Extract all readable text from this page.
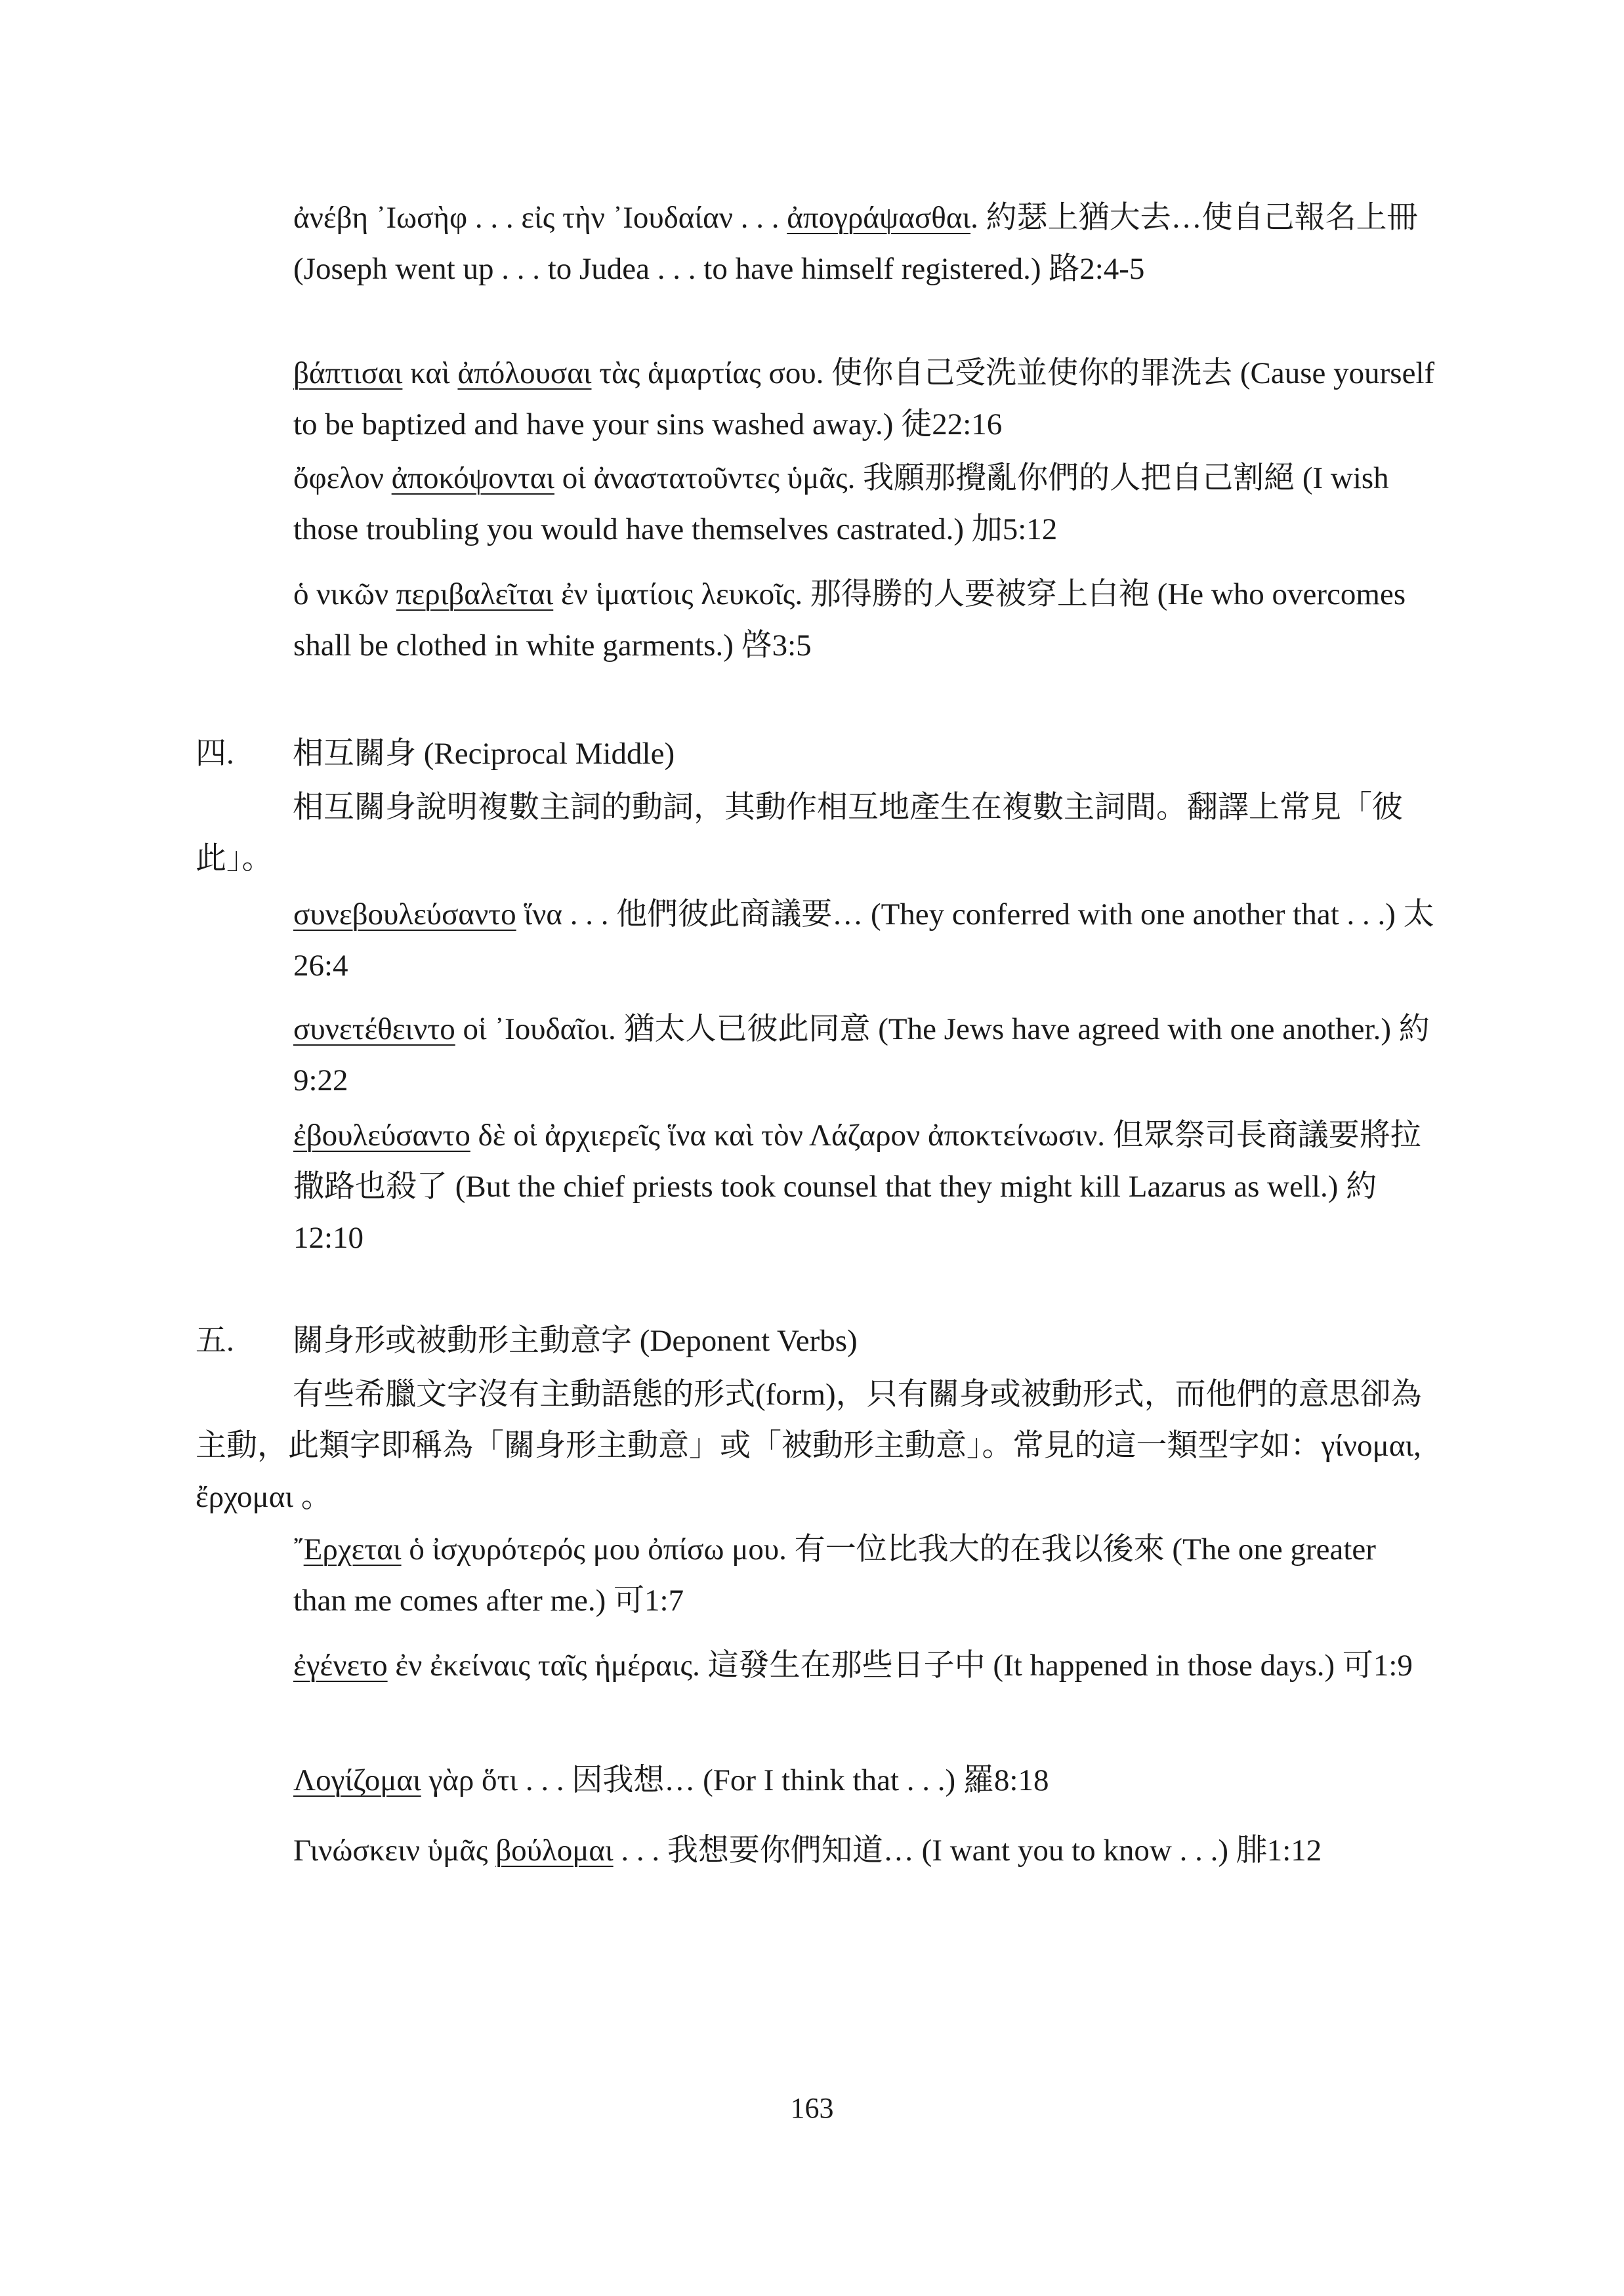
ἀνέβη ᾿Ιωσὴφ . . . εἰς τὴν ᾿Ιουδαίαν . . . ἀπογράψασθαι. 約瑟上猶大去…使自己報名上冊 (Joseph went up . . . to Judea . . . to have himself registered.) 路2:4-5

βάπτισαι καὶ ἀπόλουσαι τὰς ἁμαρτίας σου. 使你自己受洗並使你的罪洗去 (Cause yourself to be baptized and have your sins washed away.) 徒22:16

ὄφελον ἀποκόψονται οἱ ἀναστατοῦντες ὑμᾶς. 我願那攪亂你們的人把自己割絕 (I wish those troubling you would have themselves castrated.) 加5:12

ὁ νικῶν περιβαλεῖται ἐν ἱματίοις λευκοῖς. 那得勝的人要被穿上白袍 (He who overcomes shall be clothed in white garments.) 啓3:5

四. 相互關身 (Reciprocal Middle)

相互關身說明複數主詞的動詞，其動作相互地產生在複數主詞間。翻譯上常見「彼此」。

συνεβουλεύσαντο ἵνα . . . 他們彼此商議要… (They conferred with one another that . . .) 太26:4

συνετέθειντο οἱ ᾿Ιουδαῖοι. 猶太人已彼此同意 (The Jews have agreed with one another.) 約9:22

ἐβουλεύσαντο δὲ οἱ ἀρχιερεῖς ἵνα καὶ τὸν Λάζαρον ἀποκτείνωσιν. 但眾祭司長商議要將拉撒路也殺了 (But the chief priests took counsel that they might kill Lazarus as well.) 約12:10

五. 關身形或被動形主動意字 (Deponent Verbs)

有些希臘文字沒有主動語態的形式(form)，只有關身或被動形式，而他們的意思卻為主動，此類字即稱為「關身形主動意」或「被動形主動意」。常見的這一類型字如：γίνομαι, ἔρχομαι 。

῎Ερχεται ὁ ἰσχυρότερός μου ὀπίσω μου. 有一位比我大的在我以後來 (The one greater than me comes after me.) 可1:7

ἐγένετο ἐν ἐκείναις ταῖς ἡμέραις. 這發生在那些日子中 (It happened in those days.) 可1:9

Λογίζομαι γὰρ ὅτι . . . 因我想… (For I think that . . .) 羅8:18

Γινώσκειν ὑμᾶς βούλομαι . . . 我想要你們知道… (I want you to know . . .) 腓1:12

163
